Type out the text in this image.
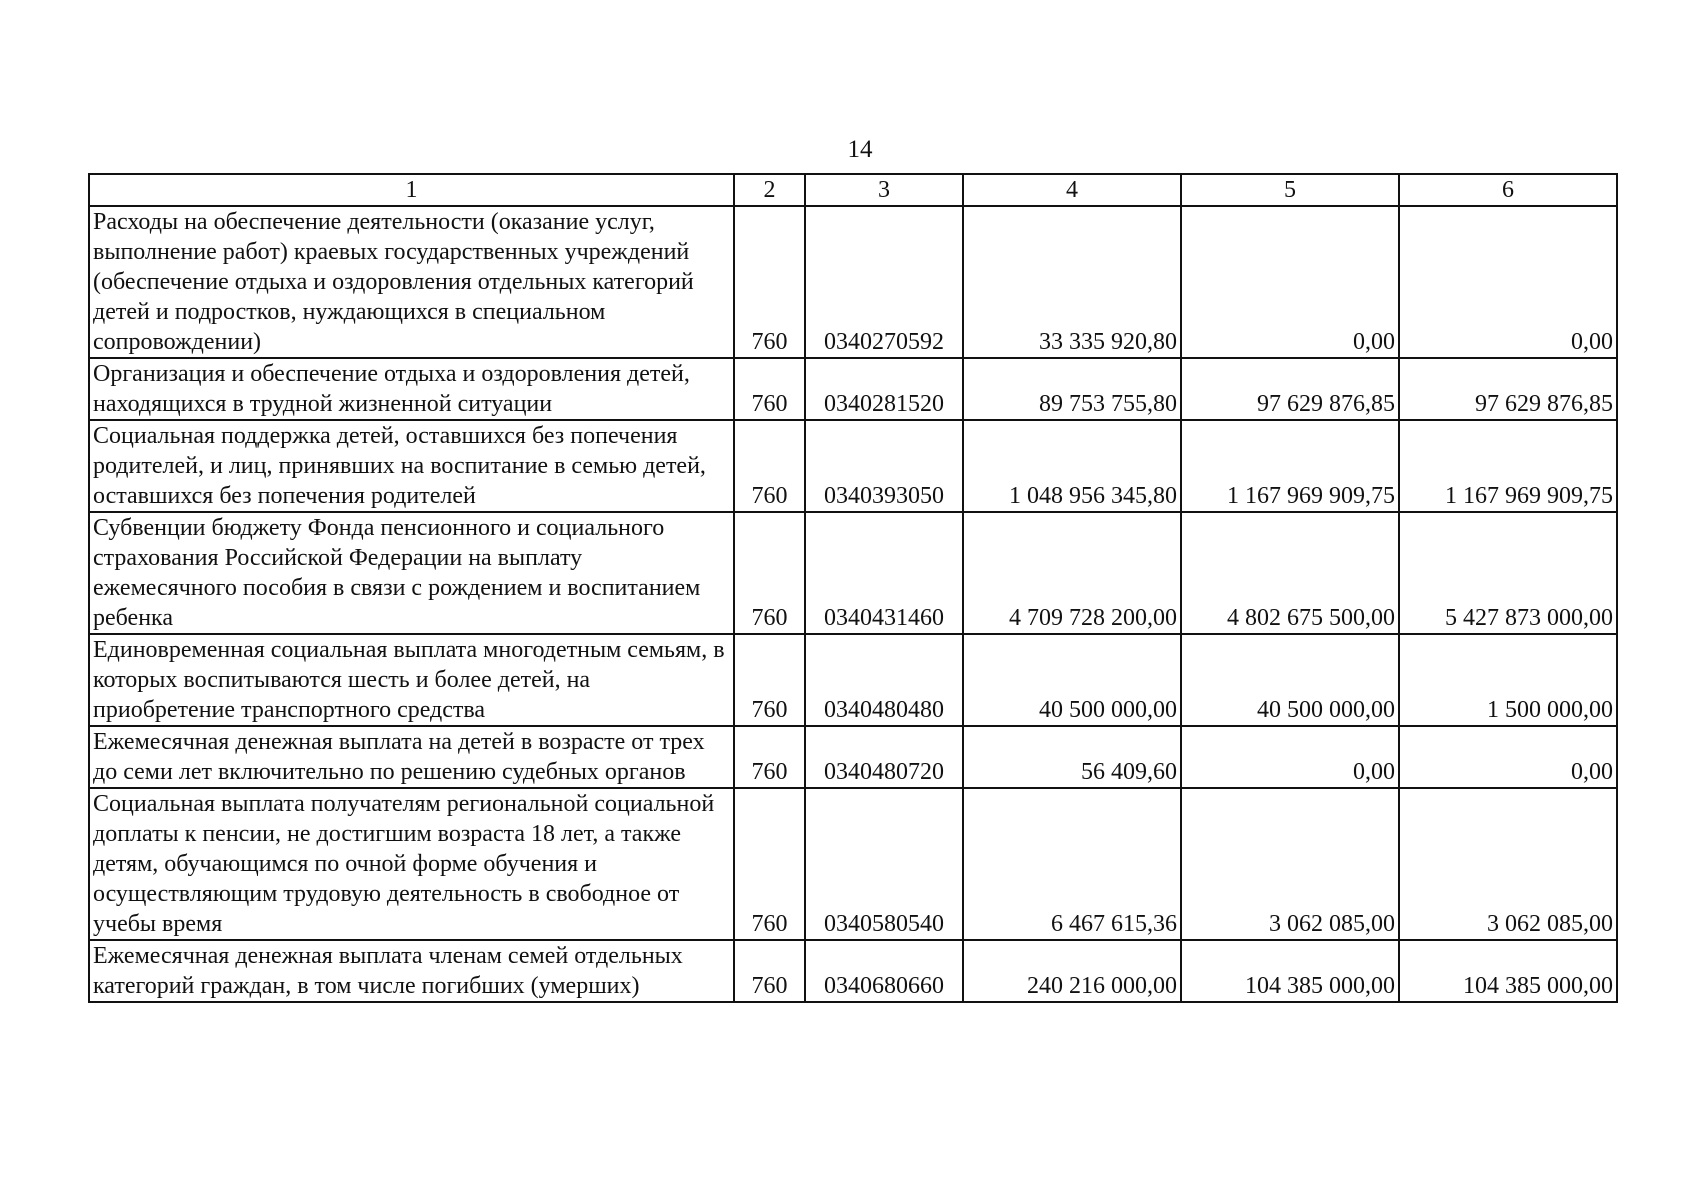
14
1	2	3	4	5	6
Расходы на обеспечение деятельности (оказание услуг, выполнение работ) краевых государственных учреждений (обеспечение отдыха и оздоровления отдельных категорий детей и подростков, нуждающихся в специальном сопровождении)	760	0340270592	33 335 920,80	0,00	0,00
Организация и обеспечение отдыха и оздоровления детей, находящихся в трудной жизненной ситуации	760	0340281520	89 753 755,80	97 629 876,85	97 629 876,85
Социальная поддержка детей, оставшихся без попечения родителей, и лиц, принявших на воспитание в семью детей, оставшихся без попечения родителей	760	0340393050	1 048 956 345,80	1 167 969 909,75	1 167 969 909,75
Субвенции бюджету Фонда пенсионного и социального страхования Российской Федерации на выплату ежемесячного пособия в связи с рождением и воспитанием ребенка	760	0340431460	4 709 728 200,00	4 802 675 500,00	5 427 873 000,00
Единовременная социальная выплата многодетным семьям, в которых воспитываются шесть и более детей, на приобретение транспортного средства	760	0340480480	40 500 000,00	40 500 000,00	1 500 000,00
Ежемесячная денежная выплата на детей в возрасте от трех до семи лет включительно по решению судебных органов	760	0340480720	56 409,60	0,00	0,00
Социальная выплата получателям региональной социальной доплаты к пенсии, не достигшим возраста 18 лет, а также детям, обучающимся по очной форме обучения и осуществляющим трудовую деятельность в свободное от учебы время	760	0340580540	6 467 615,36	3 062 085,00	3 062 085,00
Ежемесячная денежная выплата членам семей отдельных категорий граждан, в том числе погибших (умерших)	760	0340680660	240 216 000,00	104 385 000,00	104 385 000,00
